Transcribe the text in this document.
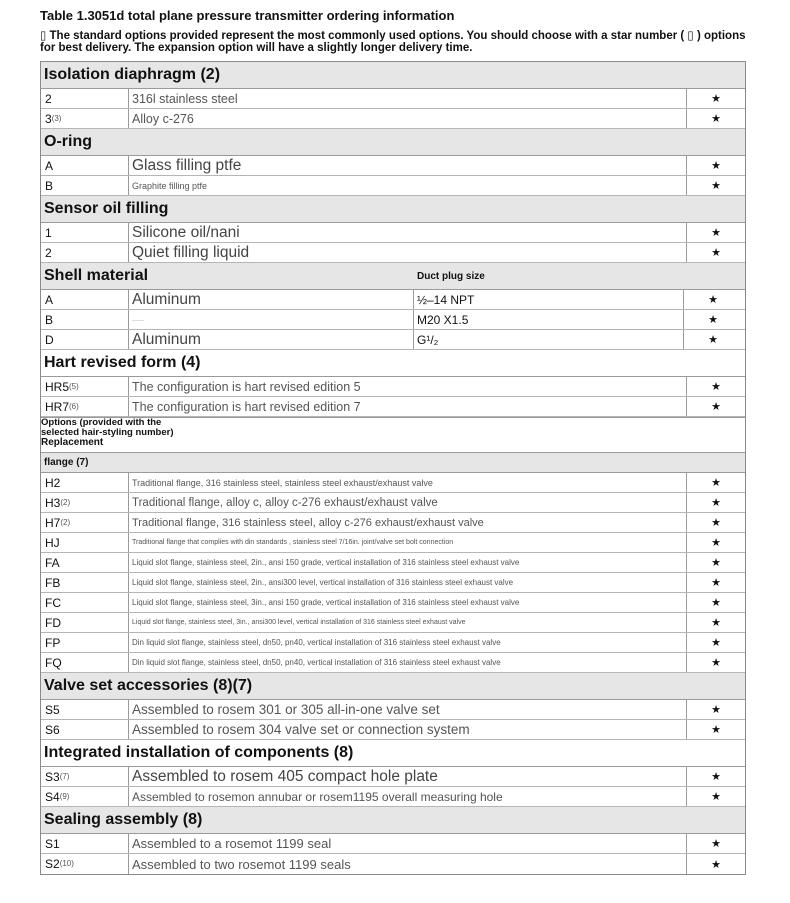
Table 1.3051d total plane pressure transmitter ordering information
▯ The standard options provided represent the most commonly used options. You should choose with a star number ( ▯ ) options for best delivery. The expansion option will have a slightly longer delivery time.
Isolation diaphragm (2)
2	316l stainless steel	★
3 (3)	Alloy c-276	★
O-ring
A	Glass filling ptfe	★
B	Graphite filling ptfe	★
Sensor oil filling
1	Silicone oil/nani	★
2	Quiet filling liquid	★
Shell material	Duct plug size
A	Aluminum	½–14 NPT	★
B	————	M20 X1.5	★
D	Aluminum	G¹/₂	★
Hart revised form (4)
HR5 (5)	The configuration is hart revised edition 5	★
HR7 (6)	The configuration is hart revised edition 7	★
Options (provided with the
selected hair-styling number)
Replacement
flange (7)
H2	Traditional flange, 316 stainless steel, stainless steel exhaust/exhaust valve	★
H3 (2)	Traditional flange, alloy c, alloy c-276 exhaust/exhaust valve	★
H7 (2)	Traditional flange, 316 stainless steel, alloy c-276 exhaust/exhaust valve	★
HJ	Traditional flange that complies with din standards , stainless steel 7/16in. joint/valve set bolt connection	★
FA	Liquid slot flange, stainless steel, 2in., ansi 150 grade, vertical installation of 316 stainless steel exhaust valve	★
FB	Liquid slot flange, stainless steel, 2in., ansi300 level, vertical installation of 316 stainless steel exhaust valve	★
FC	Liquid slot flange, stainless steel, 3in., ansi 150 grade, vertical installation of 316 stainless steel exhaust valve	★
FD	Liquid slot flange, stainless steel, 3in., ansi300 level, vertical installation of 316 stainless steel exhaust valve	★
FP	Din liquid slot flange, stainless steel, dn50, pn40, vertical installation of 316 stainless steel exhaust valve	★
FQ	Din liquid slot flange, stainless steel, dn50, pn40, vertical installation of 316 stainless steel exhaust valve	★
Valve set accessories (8)(7)
S5	Assembled to rosem 301 or 305 all-in-one valve set	★
S6	Assembled to rosem 304 valve set or connection system	★
Integrated installation of components (8)
S3 (7)	Assembled to rosem 405 compact hole plate	★
S4 (9)	Assembled to rosemon annubar or rosem1195 overall measuring hole	★
Sealing assembly (8)
S1	Assembled to a rosemot 1199 seal	★
S2 (10)	Assembled to two rosemot 1199 seals	★
